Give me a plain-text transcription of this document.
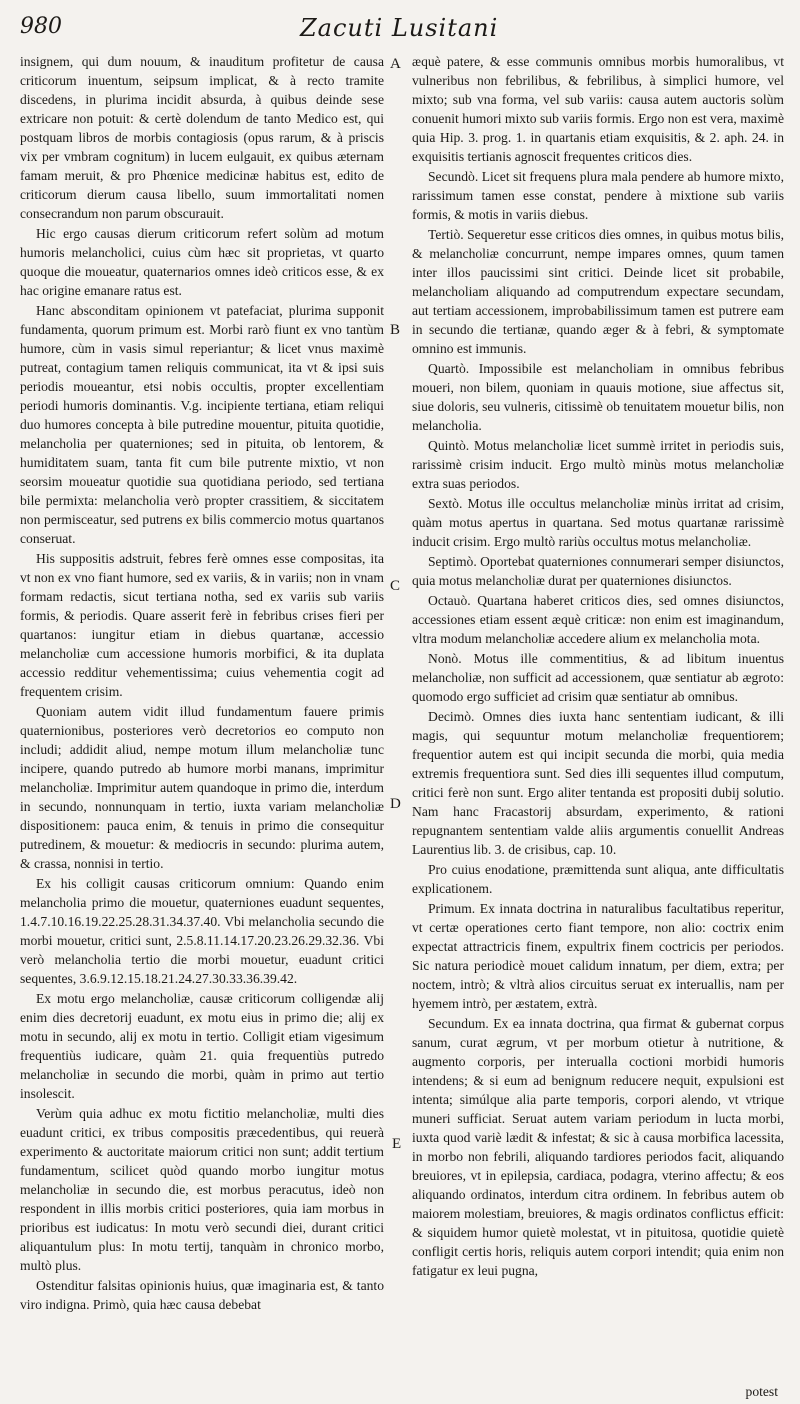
980	Zacuti Lusitani

insignem, qui dum nouum, & inauditum profitetur de causa criticorum inuentum, seipsum implicat, & à recto tramite discedens, in plurima incidit absurda, à quibus deinde sese extricare non potuit: & certè dolendum de tanto Medico est, qui postquam libros de morbis contagiosis (opus rarum, & à priscis vix per vmbram cognitum) in lucem eulgauit, ex quibus æternam famam meruit, & pro Phœnice medicinæ habitus est, edito de criticorum dierum causa libello, suum immortalitati nomen consecrandum non parum obscurauit.

Hic ergo causas dierum criticorum refert solùm ad motum humoris melancholici, cuius cùm hæc sit proprietas, vt quarto quoque die moueatur, quaternarios omnes ideò criticos esse, & ex hac origine emanare ratus est.

Hanc absconditam opinionem vt patefaciat, plurima supponit fundamenta, quorum primum est. Morbi rarò fiunt ex vno tantùm humore, cùm in vasis simul reperiantur; & licet vnus maximè putreat, contagium tamen reliquis communicat, ita vt & ipsi suis periodis moueantur, etsi nobis occultis, propter excellentiam periodi humoris dominantis. V.g. incipiente tertiana, etiam reliqui duo humores concepta à bile putredine mouentur, pituita quotidie, melancholia per quaterniones; sed in pituita, ob lentorem, & humiditatem suam, tanta fit cum bile putrente mixtio, vt non seorsim moueatur quotidie sua quotidiana periodo, sed tertiana bile permixta: melancholia verò propter crassitiem, & siccitatem non permisceatur, sed putrens ex bilis commercio motus quartanos conseruat.

His suppositis adstruit, febres ferè omnes esse compositas, ita vt non ex vno fiant humore, sed ex variis, & in variis; non in vnam formam redactis, sicut tertiana notha, sed ex variis sub variis formis, & periodis. Quare asserit ferè in febribus crises fieri per quartanos: iungitur etiam in diebus quartanæ, accessio melancholiæ cum accessione humoris morbifici, & ita duplata accessio redditur vehementissima; cuius vehementia cogit ad frequentem crisim.

Quoniam autem vidit illud fundamentum fauere primis quaternionibus, posteriores verò decretorios eo computo non includi; addidit aliud, nempe motum illum melancholiæ tunc incipere, quando putredo ab humore morbi manans, imprimitur melancholiæ. Imprimitur autem quandoque in primo die, interdum in secundo, nonnunquam in tertio, iuxta variam melancholiæ dispositionem: pauca enim, & tenuis in primo die consequitur putredinem, & mouetur: & mediocris in secundo: plurima autem, & crassa, nonnisi in tertio.

Ex his colligit causas criticorum omnium: Quando enim melancholia primo die mouetur, quaterniones euadunt sequentes, 1.4.7.10.16.19.22.25.28.31.34.37.40. Vbi melancholia secundo die morbi mouetur, critici sunt, 2.5.8.11.14.17.20.23.26.29.32.36. Vbi verò melancholia tertio die morbi mouetur, euadunt critici sequentes, 3.6.9.12.15.18.21.24.27.30.33.36.39.42.

Ex motu ergo melancholiæ, causæ criticorum colligendæ alij enim dies decretorij euadunt, ex motu eius in primo die; alij ex motu in secundo, alij ex motu in tertio. Colligit etiam vigesimum frequentiùs iudicare, quàm 21. quia frequentiùs putredo melancholiæ in secundo die morbi, quàm in primo aut tertio insolescit.

Verùm quia adhuc ex motu fictitio melancholiæ, multi dies euadunt critici, ex tribus compositis præcedentibus, qui reuerà experimento & auctoritate maiorum critici non sunt; addit tertium fundamentum, scilicet quòd quando morbo iungitur motus melancholiæ in secundo die, est morbus peracutus, ideò non respondent in illis morbis critici posteriores, quia iam morbus in prioribus est iudicatus: In motu verò secundi diei, durant critici aliquantulum plus: In motu tertij, tanquàm in chronico morbo, multò plus.

Ostenditur falsitas opinionis huius, quæ imaginaria est, & tanto viro indigna. Primò, quia hæc causa debebat

A
B
C
D
E

æquè patere, & esse communis omnibus morbis humoralibus, vt vulneribus non febrilibus, & febrilibus, à simplici humore, vel mixto; sub vna forma, vel sub variis: causa autem auctoris solùm conuenit humori mixto sub variis formis. Ergo non est vera, maximè quia Hip. 3. prog. 1. in quartanis etiam exquisitis, & 2. aph. 24. in exquisitis tertianis agnoscit frequentes criticos dies.

Secundò. Licet sit frequens plura mala pendere ab humore mixto, rarissimum tamen esse constat, pendere à mixtione sub variis formis, & motis in variis diebus.

Tertiò. Sequeretur esse criticos dies omnes, in quibus motus bilis, & melancholiæ concurrunt, nempe impares omnes, quum tamen inter illos paucissimi sint critici. Deinde licet sit probabile, melancholiam aliquando ad computrendum expectare secundam, aut tertiam accessionem, improbabilissimum tamen est putrere eam in secundo die tertianæ, quando æger & à febri, & symptomate omnino est immunis.

Quartò. Impossibile est melancholiam in omnibus febribus moueri, non bilem, quoniam in quauis motione, siue affectus sit, siue doloris, seu vulneris, citissimè ob tenuitatem mouetur bilis, non melancholia.

Quintò. Motus melancholiæ licet summè irritet in periodis suis, rarissimè crisim inducit. Ergo multò minùs motus melancholiæ extra suas periodos.

Sextò. Motus ille occultus melancholiæ minùs irritat ad crisim, quàm motus apertus in quartana. Sed motus quartanæ rarissimè inducit crisim. Ergo multò rariùs occultus motus melancholiæ.

Septimò. Oportebat quaterniones connumerari semper disiunctos, quia motus melancholiæ durat per quaterniones disiunctos.

Octauò. Quartana haberet criticos dies, sed omnes disiunctos, accessiones etiam essent æquè criticæ: non enim est imaginandum, vltra modum melancholiæ accedere alium ex melancholia mota.

Nonò. Motus ille commentitius, & ad libitum inuentus melancholiæ, non sufficit ad accessionem, quæ sentiatur ab ægroto: quomodo ergo sufficiet ad crisim quæ sentiatur ab omnibus.

Decimò. Omnes dies iuxta hanc sententiam iudicant, & illi magis, qui sequuntur motum melancholiæ frequentiorem; frequentior autem est qui incipit secunda die morbi, quia media extremis frequentiora sunt. Sed dies illi sequentes illud computum, critici ferè non sunt. Ergo aliter tentanda est propositi dubij solutio. Nam hanc Fracastorij absurdam, experimento, & rationi repugnantem sententiam valde aliis argumentis conuellit Andreas Laurentius lib. 3. de crisibus, cap. 10.

Pro cuius enodatione, præmittenda sunt aliqua, ante difficultatis explicationem.

Primum. Ex innata doctrina in naturalibus facultatibus reperitur, vt certæ operationes certo fiant tempore, non alio: coctrix enim expectat attractricis finem, expultrix finem coctricis per periodos. Sic natura periodicè mouet calidum innatum, per diem, extra; per noctem, intrò; & vltrà alios circuitus seruat ex interuallis, nam per hyemem intrò, per æstatem, extrà.

Secundum. Ex ea innata doctrina, qua firmat & gubernat corpus sanum, curat ægrum, vt per morbum otietur à nutritione, & augmento corporis, per interualla coctioni morbidi humoris intendens; & si eum ad benignum reducere nequit, expulsioni est intenta; simúlque alia parte temporis, corpori alendo, vt vtrique muneri sufficiat. Seruat autem variam periodum in lucta morbi, iuxta quod variè lædit & infestat; & sic à causa morbifica lacessita, in morbo non febrili, aliquando tardiores periodos facit, aliquando breuiores, vt in epilepsia, cardiaca, podagra, vterino affectu; & eos aliquando ordinatos, interdum citra ordinem. In febribus autem ob maiorem molestiam, breuiores, & magis ordinatos conflictus efficit: & siquidem humor quietè molestat, vt in pituitosa, quotidie quietè confligit certis horis, reliquis autem corpori intendit; quia enim non fatigatur ex leui pugna,

potest
